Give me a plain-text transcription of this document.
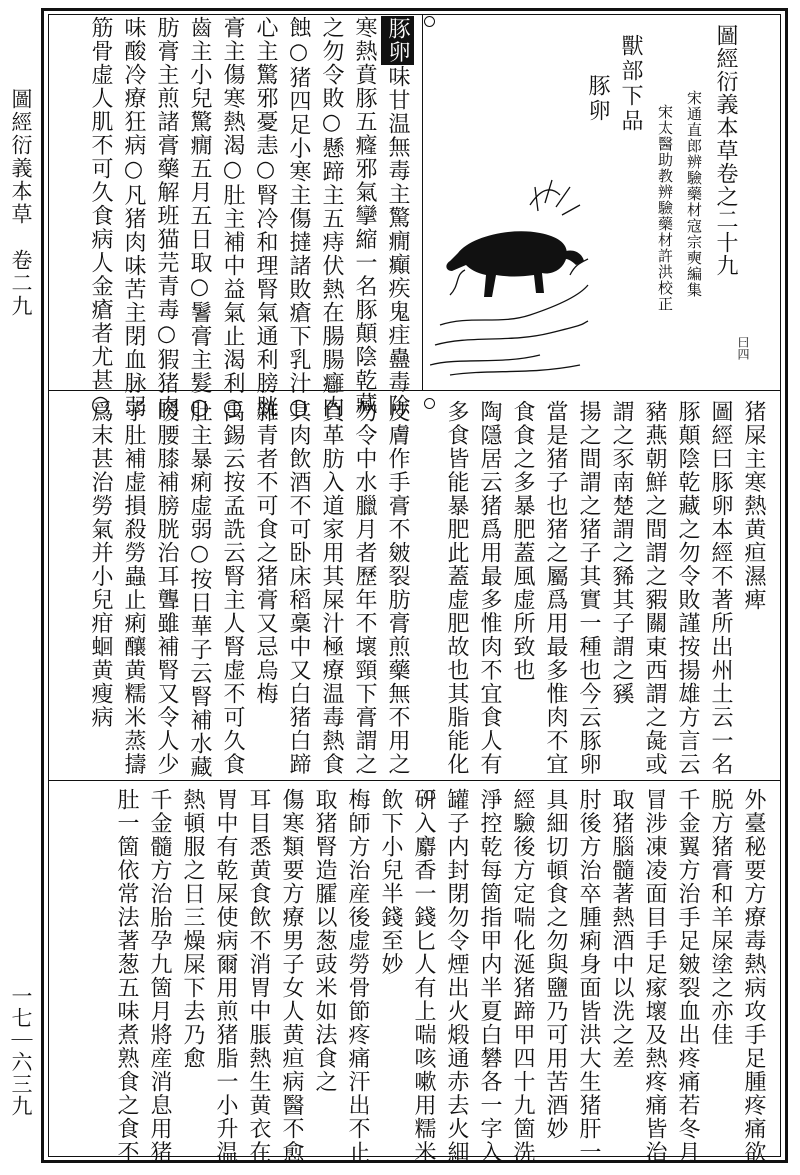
圖經衍義本草　卷二九
一七｜六三九
圖經衍義本草卷之二十九
獸部下品
豚卵	宋通直郎辨驗藥材寇宗奭編集
宋太醫助教辨驗藥材許洪校正
曰四
豚卵味甘温無毒主驚癇癲疾鬼疰蠱毒除
寒熱賁豚五癃邪氣攣縮一名豚顛陰乾藏
之勿令敗○懸蹄主五痔伏熱在腸腸癰内
蝕○猪四足小寒主傷撻諸敗瘡下乳汁○
心主驚邪憂恚○腎冷和理腎氣通利膀胱
膏主傷寒熱渴○肚主補中益氣止渴利○
齒主小兒驚癇五月五日取○鬐膏主髮○
肪膏主煎諸膏藥解班猫芫青毒○猳猪肉
味酸冷療狂病○凡猪肉味苦主閉血脉弱
筋骨虚人肌不可久食病人金瘡者尤甚○
猪屎主寒熱黄疸濕痺
圖經曰豚卵本經不著所出州土云一名
豚顛陰乾藏之勿令敗謹按揚雄方言云
豬燕朝鮮之間謂之豭關東西謂之彘或
謂之豕南楚謂之豨其子謂之豯
揚之間謂之猪子其實一種也今云豚卵
當是猪子也猪之屬爲用最多惟肉不宜
食食之多暴肥蓋風虚所致也
陶隱居云猪爲用最多惟肉不宜食人有
多食皆能暴肥此蓋虚肥故也其脂能化
皮膚作手膏不皴裂肪膏煎藥無不用之
勿令中水臘月者歷年不壞頸下膏謂之
負革肪入道家用其屎汁極療温毒熱食
其肉飲酒不可卧床稻稾中又白猪白蹄
雜青者不可食之猪膏又忌烏梅
禹錫云按孟詵云腎主人腎虚不可久食
肚主暴痢虚弱○按日華子云腎補水藏
暖腰膝補膀胱治耳聾雖補腎又令人少
子肚補虚損殺勞蟲止痢釀黄糯米蒸擣
爲末甚治勞氣并小兒疳蛔黄瘦病
外臺秘要方療毒熱病攻手足腫疼痛欲
脱方猪膏和羊屎塗之亦佳
千金翼方治手足皴裂血出疼痛若冬月
冒涉凍凌面目手足瘃壞及熱疼痛皆治
取猪腦髓著熱酒中以洗之差
肘後方治卒腫痢身面皆洪大生猪肝一
具細切頓食之勿與鹽乃可用苦酒妙
經驗後方定喘化涎猪蹄甲四十九箇洗
淨控乾每箇指甲内半夏白礬各一字入
罐子内封閉勿令煙出火煅通赤去火細
研入麝香一錢匕人有上喘咳嗽用糯米
飲下小兒半錢至妙
梅師方治産後虚勞骨節疼痛汗出不止
取猪腎造臛以葱豉米如法食之
傷寒類要方療男子女人黄疸病醫不愈
耳目悉黄食飲不消胃中脹熱生黄衣在
胃中有乾屎使病爾用煎猪脂一小升温
熱頓服之日三燥屎下去乃愈
千金髓方治胎孕九箇月將産消息用猪
肚一箇依常法著葱五味煮熟食之食不
